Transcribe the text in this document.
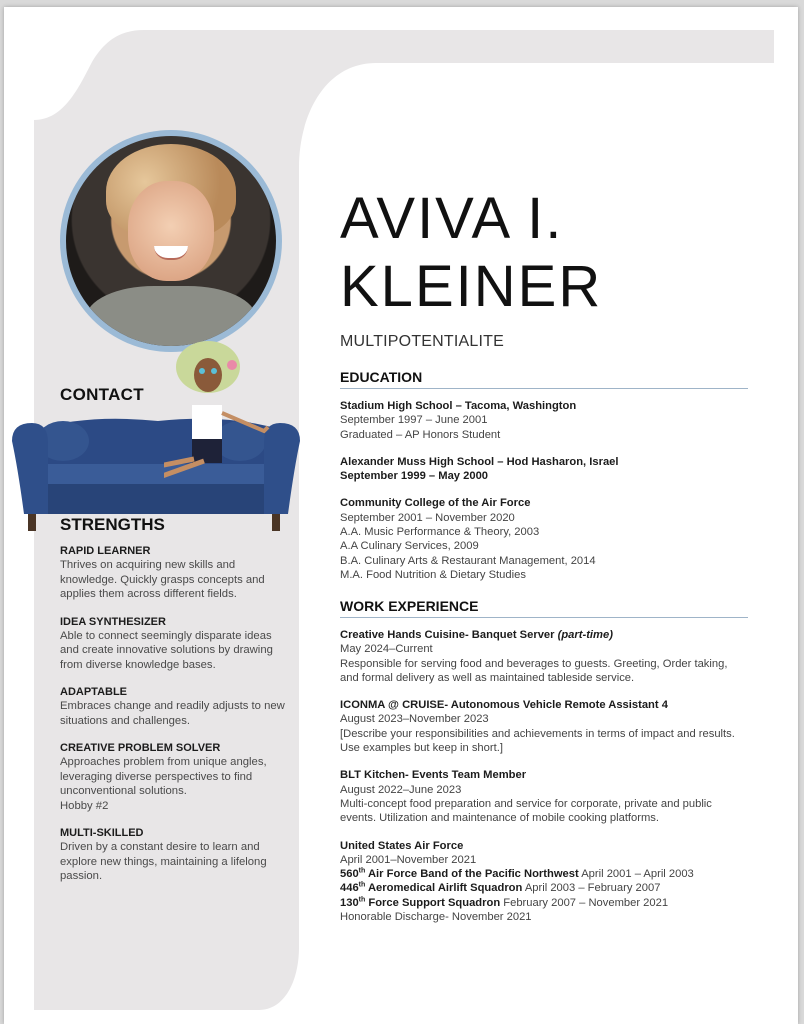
CONTACT
STRENGTHS
RAPID LEARNER
Thrives on acquiring new skills and knowledge. Quickly grasps concepts and applies them across different fields.
IDEA SYNTHESIZER
Able to connect seemingly disparate ideas and create innovative solutions by drawing from diverse knowledge bases.
ADAPTABLE
Embraces change and readily adjusts to new situations and challenges.
CREATIVE PROBLEM SOLVER
Approaches problem from unique angles, leveraging diverse perspectives to find unconventional solutions.
Hobby #2
MULTI-SKILLED
Driven by a constant desire to learn and explore new things, maintaining a lifelong passion.
AVIVA I.
KLEINER
MULTIPOTENTIALITE
EDUCATION
Stadium High School – Tacoma, Washington
September 1997 – June 2001
Graduated – AP Honors Student
Alexander Muss High School – Hod Hasharon, Israel
September 1999 – May 2000
Community College of the Air Force
September 2001 – November 2020
A.A. Music Performance & Theory, 2003
A.A Culinary Services, 2009
B.A. Culinary Arts & Restaurant Management, 2014
M.A. Food Nutrition & Dietary Studies
WORK EXPERIENCE
Creative Hands Cuisine- Banquet Server (part-time)
May 2024–Current
Responsible for serving food and beverages to guests. Greeting, Order taking, and formal delivery as well as maintained tableside service.
ICONMA @ CRUISE- Autonomous Vehicle Remote Assistant 4
August 2023–November 2023
[Describe your responsibilities and achievements in terms of impact and results. Use examples but keep in short.]
BLT Kitchen- Events Team Member
August 2022–June 2023
Multi-concept food preparation and service for corporate, private and public events. Utilization and maintenance of mobile cooking platforms.
United States Air Force
April 2001–November 2021
560th Air Force Band of the Pacific Northwest April 2001 – April 2003
446th Aeromedical Airlift Squadron April 2003 – February 2007
130th Force Support Squadron February 2007 – November 2021
Honorable Discharge- November 2021
